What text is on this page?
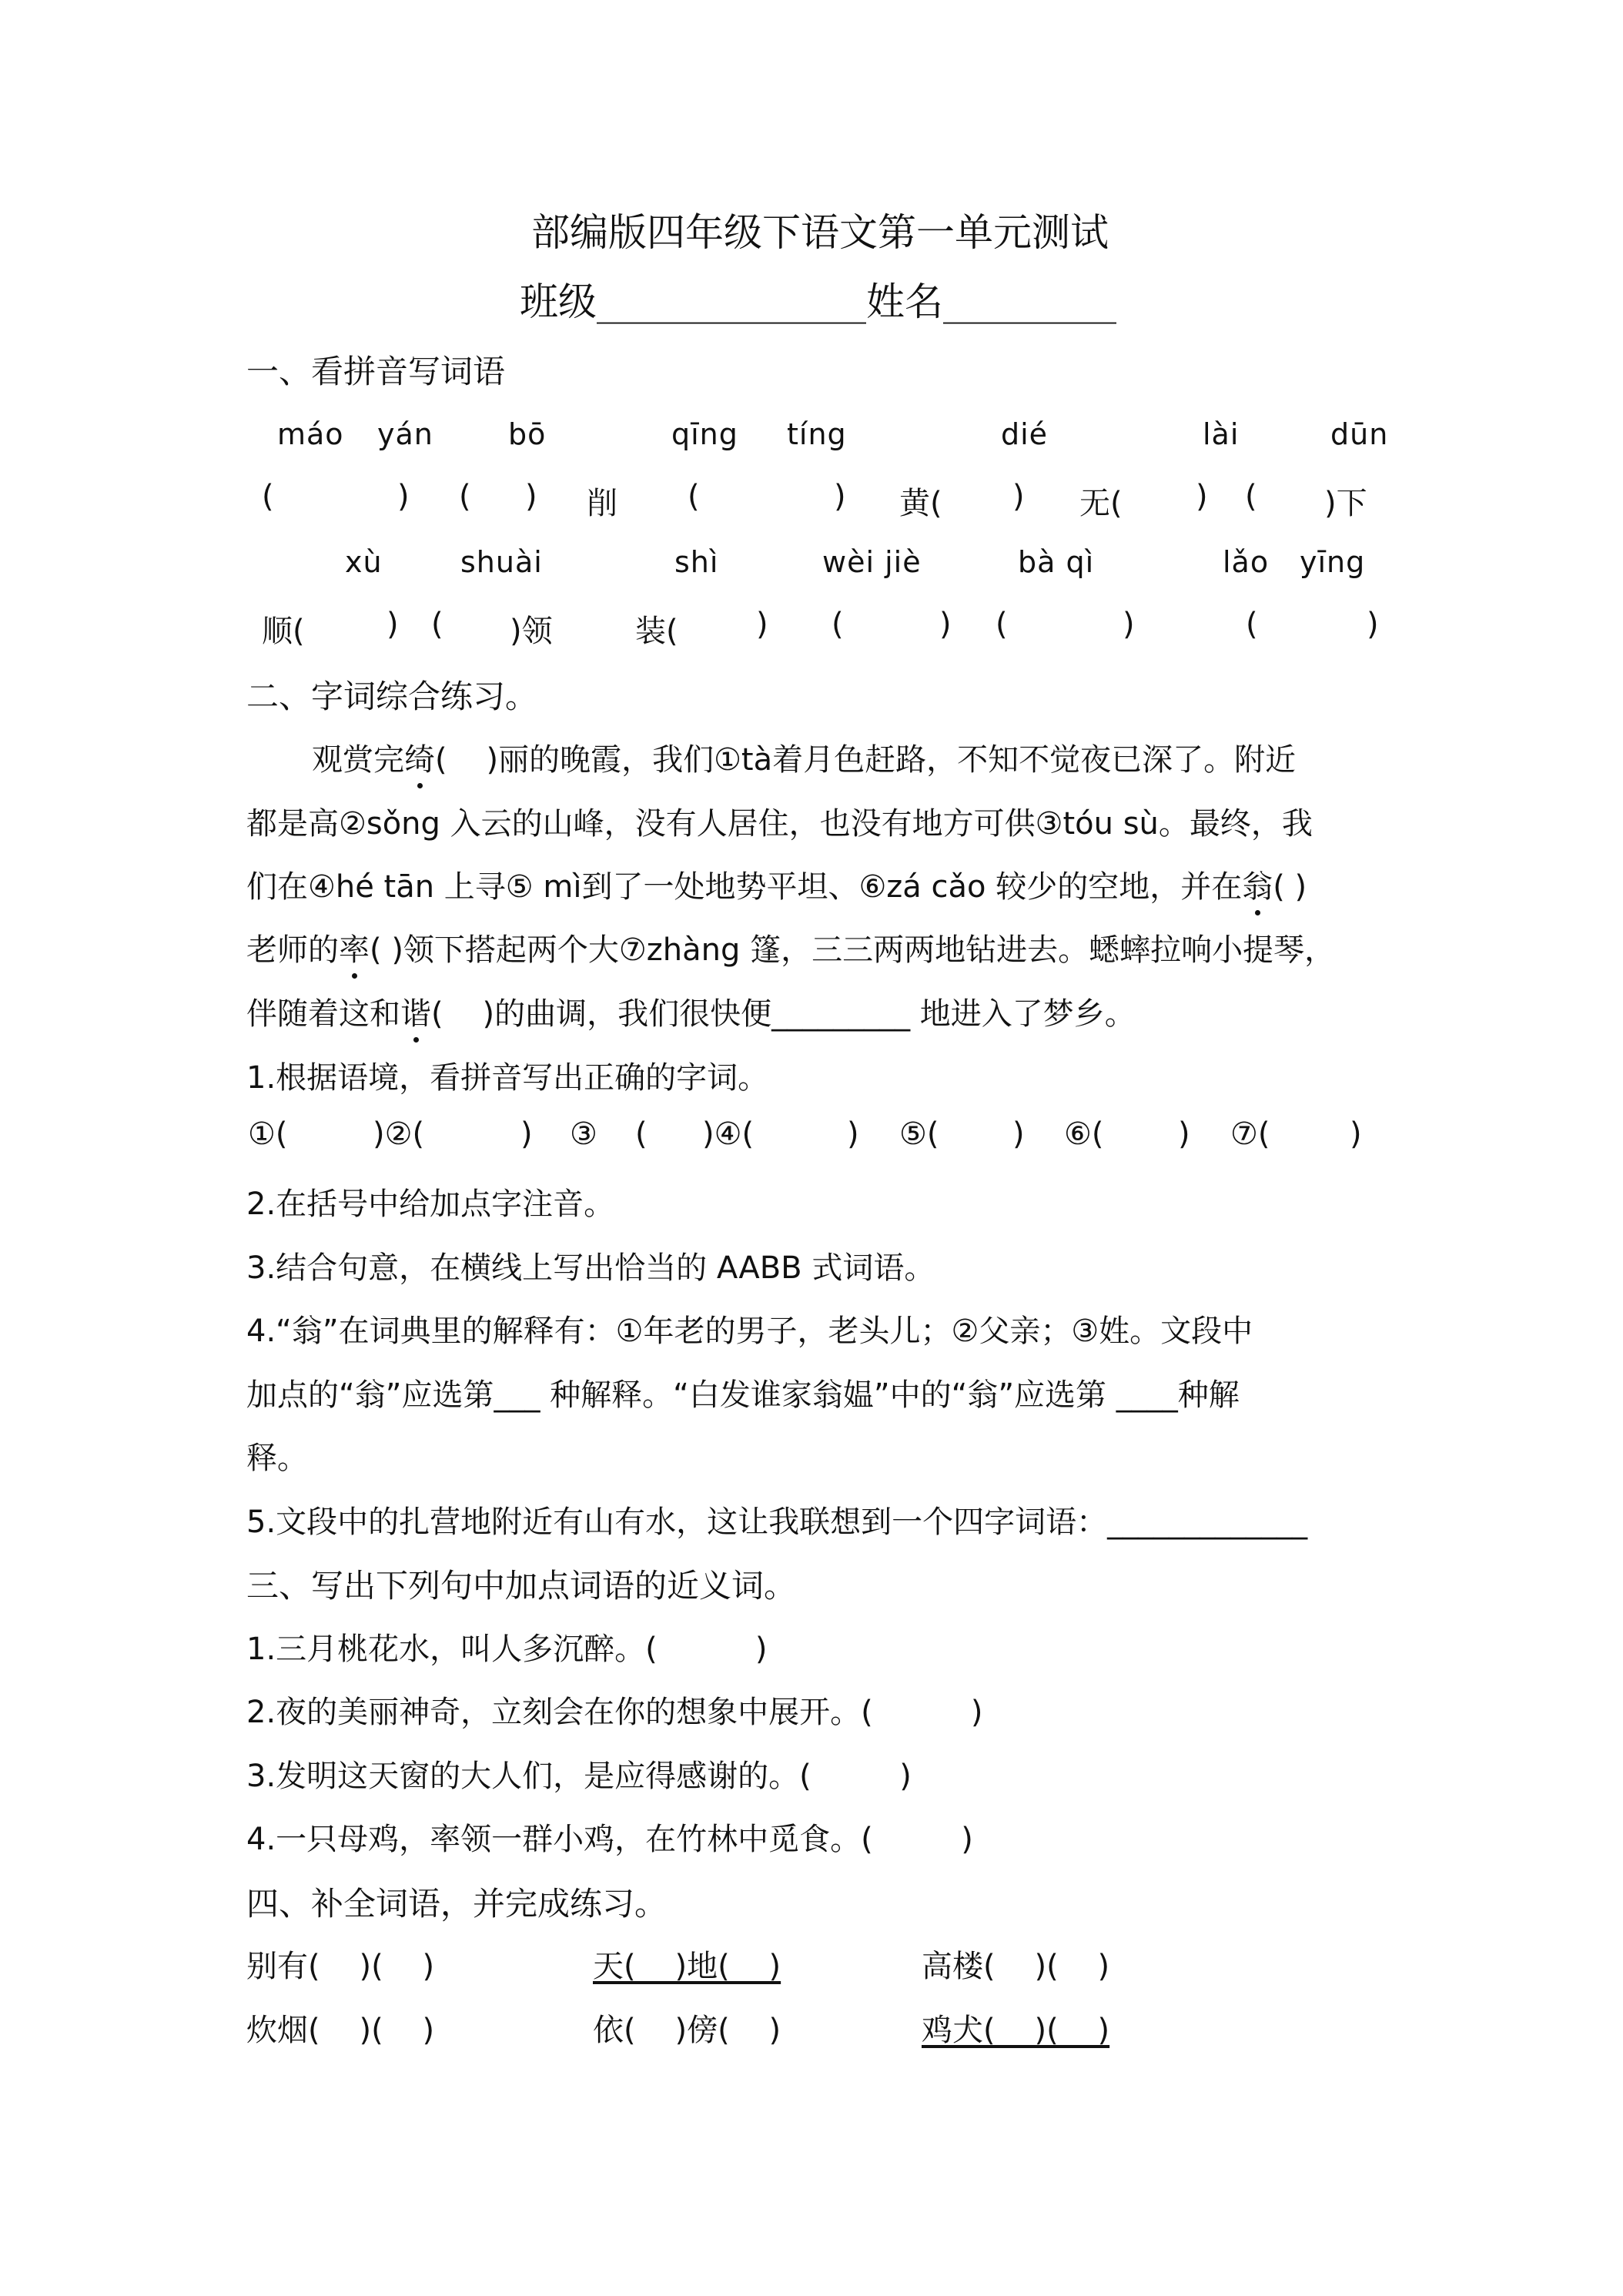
部编版四年级下语文第一单元测试
班级______________姓名_________
一、看拼音写词语
máo yán	bō	qīng tíng	dié	lài	dūn
(	) ( ) 削 (	) 黄( ) 无( ) ( )下
xù	shuài	shì	wèi jiè	bà qì	lǎo yīng
顺(	) ( )领	装(	) (	) (	)	(	)
二、字词综合练习。
观赏完绮(    )丽的晚霞，我们①tà着月色赶路，不知不觉夜已深了。附近
都是高②sǒng 入云的山峰，没有人居住，也没有地方可供③tóu sù。最终，我
们在④hé tān 上寻⑤ mì到了一处地势平坦、⑥zá cǎo 较少的空地，并在翁( )
老师的率( )领下搭起两个大⑦zhàng 篷，三三两两地钻进去。蟋蟀拉响小提琴，
伴随着这和谐(    )的曲调，我们很快便_________ 地进入了梦乡。
1.根据语境，看拼音写出正确的字词。
①(	)②(	) ③ ( )④(	) ⑤( ) ⑥( ) ⑦(	)
2.在括号中给加点字注音。
3.结合句意，在横线上写出恰当的 AABB 式词语。
4.“翁”在词典里的解释有：①年老的男子，老头儿；②父亲；③姓。文段中
加点的“翁”应选第___ 种解释。“白发谁家翁媪”中的“翁”应选第 ____种解
释。
5.文段中的扎营地附近有山有水，这让我联想到一个四字词语：_____________
三、写出下列句中加点词语的近义词。
1.三月桃花水，叫人多沉醉。(          )
2.夜的美丽神奇，立刻会在你的想象中展开。(          )
3.发明这天窗的大人们，是应得感谢的。(         )
4.一只母鸡，率领一群小鸡，在竹林中觅食。(         )
四、补全词语，并完成练习。
别有(    )(    )	天(    )地(    )	高楼(    )(    )
炊烟(    )(    )	依(    )傍(    )	鸡犬(    )(    )
